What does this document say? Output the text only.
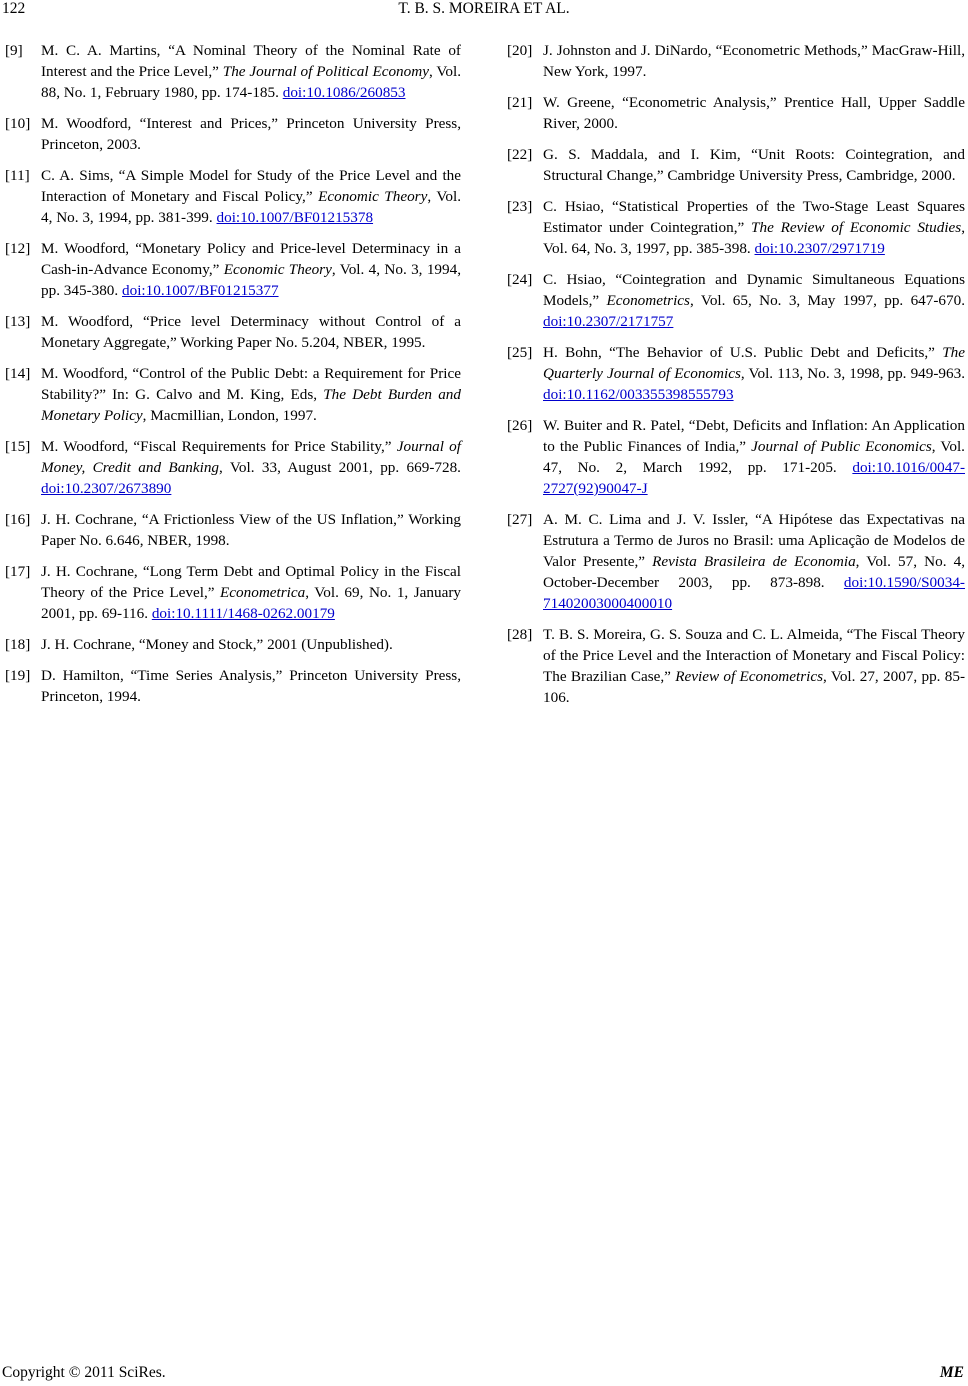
122	T. B. S. MOREIRA ET AL.
[9] M. C. A. Martins, “A Nominal Theory of the Nominal Rate of Interest and the Price Level,” The Journal of Political Economy, Vol. 88, No. 1, February 1980, pp. 174-185. doi:10.1086/260853
[10] M. Woodford, “Interest and Prices,” Princeton University Press, Princeton, 2003.
[11] C. A. Sims, “A Simple Model for Study of the Price Level and the Interaction of Monetary and Fiscal Policy,” Economic Theory, Vol. 4, No. 3, 1994, pp. 381-399. doi:10.1007/BF01215378
[12] M. Woodford, “Monetary Policy and Price-level Determinacy in a Cash-in-Advance Economy,” Economic Theory, Vol. 4, No. 3, 1994, pp. 345-380. doi:10.1007/BF01215377
[13] M. Woodford, “Price level Determinacy without Control of a Monetary Aggregate,” Working Paper No. 5.204, NBER, 1995.
[14] M. Woodford, “Control of the Public Debt: a Requirement for Price Stability?” In: G. Calvo and M. King, Eds, The Debt Burden and Monetary Policy, Macmillian, London, 1997.
[15] M. Woodford, “Fiscal Requirements for Price Stability,” Journal of Money, Credit and Banking, Vol. 33, August 2001, pp. 669-728. doi:10.2307/2673890
[16] J. H. Cochrane, “A Frictionless View of the US Inflation,” Working Paper No. 6.646, NBER, 1998.
[17] J. H. Cochrane, “Long Term Debt and Optimal Policy in the Fiscal Theory of the Price Level,” Econometrica, Vol. 69, No. 1, January 2001, pp. 69-116. doi:10.1111/1468-0262.00179
[18] J. H. Cochrane, “Money and Stock,” 2001 (Unpublished).
[19] D. Hamilton, “Time Series Analysis,” Princeton University Press, Princeton, 1994.
[20] J. Johnston and J. DiNardo, “Econometric Methods,” MacGraw-Hill, New York, 1997.
[21] W. Greene, “Econometric Analysis,” Prentice Hall, Upper Saddle River, 2000.
[22] G. S. Maddala, and I. Kim, “Unit Roots: Cointegration, and Structural Change,” Cambridge University Press, Cambridge, 2000.
[23] C. Hsiao, “Statistical Properties of the Two-Stage Least Squares Estimator under Cointegration,” The Review of Economic Studies, Vol. 64, No. 3, 1997, pp. 385-398. doi:10.2307/2971719
[24] C. Hsiao, “Cointegration and Dynamic Simultaneous Equations Models,” Econometrics, Vol. 65, No. 3, May 1997, pp. 647-670. doi:10.2307/2171757
[25] H. Bohn, “The Behavior of U.S. Public Debt and Deficits,” The Quarterly Journal of Economics, Vol. 113, No. 3, 1998, pp. 949-963. doi:10.1162/003355398555793
[26] W. Buiter and R. Patel, “Debt, Deficits and Inflation: An Application to the Public Finances of India,” Journal of Public Economics, Vol. 47, No. 2, March 1992, pp. 171-205. doi:10.1016/0047-2727(92)90047-J
[27] A. M. C. Lima and J. V. Issler, “A Hipótese das Expectativas na Estrutura a Termo de Juros no Brasil: uma Aplicação de Modelos de Valor Presente,” Revista Brasileira de Economia, Vol. 57, No. 4, October-December 2003, pp. 873-898. doi:10.1590/S0034-71402003000400010
[28] T. B. S. Moreira, G. S. Souza and C. L. Almeida, “The Fiscal Theory of the Price Level and the Interaction of Monetary and Fiscal Policy: The Brazilian Case,” Review of Econometrics, Vol. 27, 2007, pp. 85-106.
Copyright © 2011 SciRes.	ME
